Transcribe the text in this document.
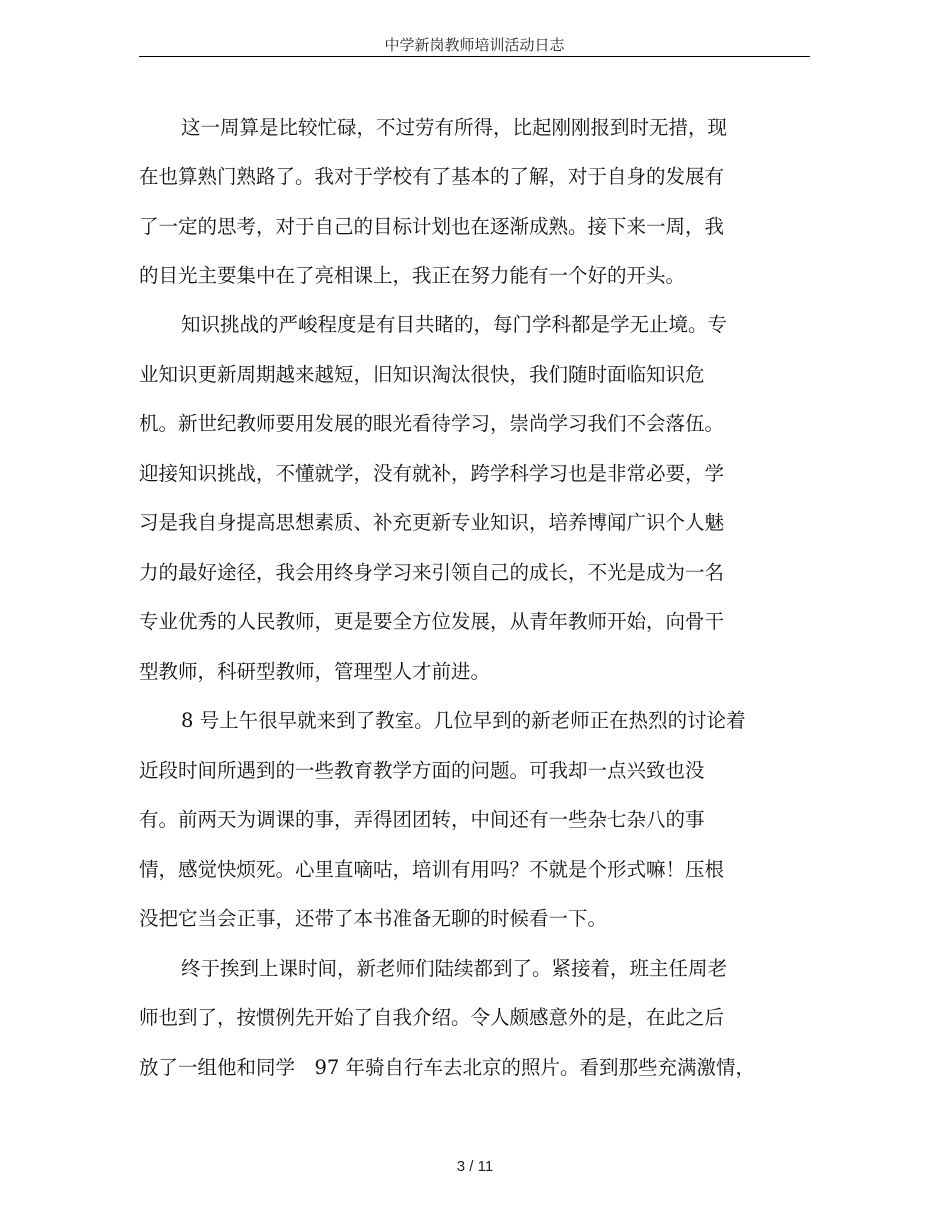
中学新岗教师培训活动日志
这一周算是比较忙碌，不过劳有所得，比起刚刚报到时无措，现
在也算熟门熟路了。我对于学校有了基本的了解，对于自身的发展有
了一定的思考，对于自己的目标计划也在逐渐成熟。接下来一周，我
的目光主要集中在了亮相课上，我正在努力能有一个好的开头。
知识挑战的严峻程度是有目共睹的，每门学科都是学无止境。专
业知识更新周期越来越短，旧知识淘汰很快，我们随时面临知识危
机。新世纪教师要用发展的眼光看待学习，崇尚学习我们不会落伍。
迎接知识挑战，不懂就学，没有就补，跨学科学习也是非常必要，学
习是我自身提高思想素质、补充更新专业知识，培养博闻广识个人魅
力的最好途径，我会用终身学习来引领自己的成长，不光是成为一名
专业优秀的人民教师，更是要全方位发展，从青年教师开始，向骨干
型教师，科研型教师，管理型人才前进。
8 号上午很早就来到了教室。几位早到的新老师正在热烈的讨论着
近段时间所遇到的一些教育教学方面的问题。可我却一点兴致也没
有。前两天为调课的事，弄得团团转，中间还有一些杂七杂八的事
情，感觉快烦死。心里直嘀咕，培训有用吗？不就是个形式嘛！压根
没把它当会正事，还带了本书准备无聊的时候看一下。
终于挨到上课时间，新老师们陆续都到了。紧接着，班主任周老
师也到了，按惯例先开始了自我介绍。令人颇感意外的是，在此之后
放了一组他和同学　97 年骑自行车去北京的照片。看到那些充满激情，
3 / 11
